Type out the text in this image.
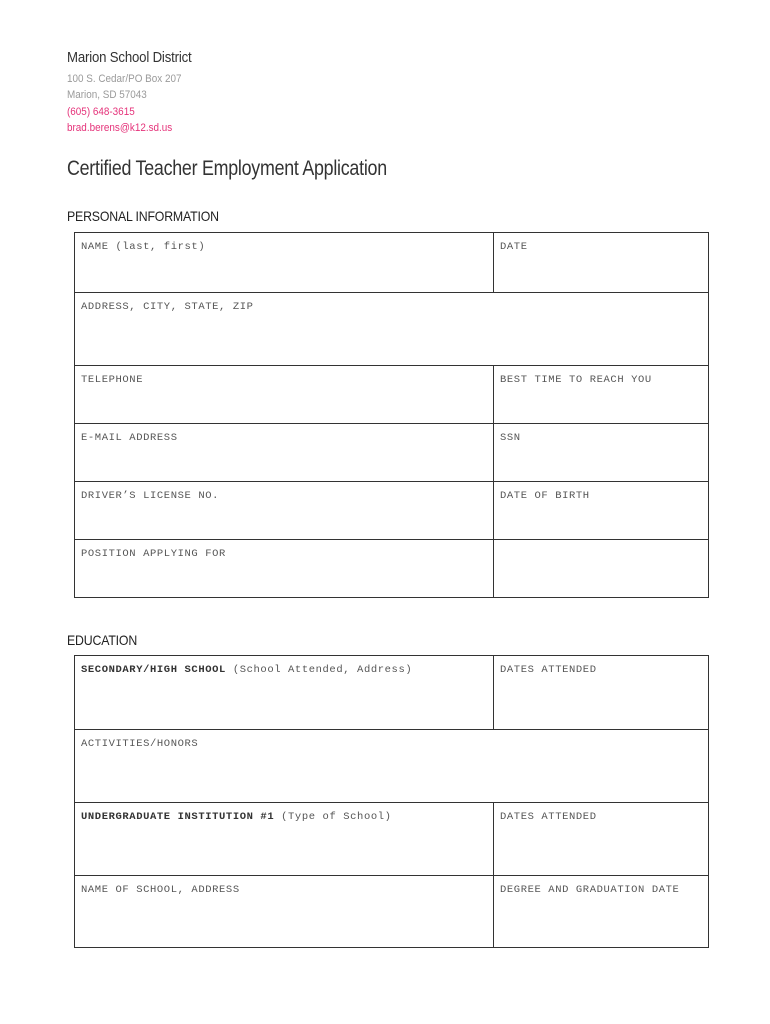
Marion School District
100 S. Cedar/PO Box 207
Marion, SD 57043
(605) 648-3615
brad.berens@k12.sd.us
Certified Teacher Employment Application
PERSONAL INFORMATION
NAME (last, first)	DATE
ADDRESS, CITY, STATE, ZIP
TELEPHONE	BEST TIME TO REACH YOU
E-MAIL ADDRESS	SSN
DRIVER’S LICENSE NO.	DATE OF BIRTH
POSITION APPLYING FOR
EDUCATION
SECONDARY/HIGH SCHOOL (School Attended, Address)	DATES ATTENDED
ACTIVITIES/HONORS
UNDERGRADUATE INSTITUTION #1 (Type of School)	DATES ATTENDED
NAME OF SCHOOL, ADDRESS	DEGREE AND GRADUATION DATE
